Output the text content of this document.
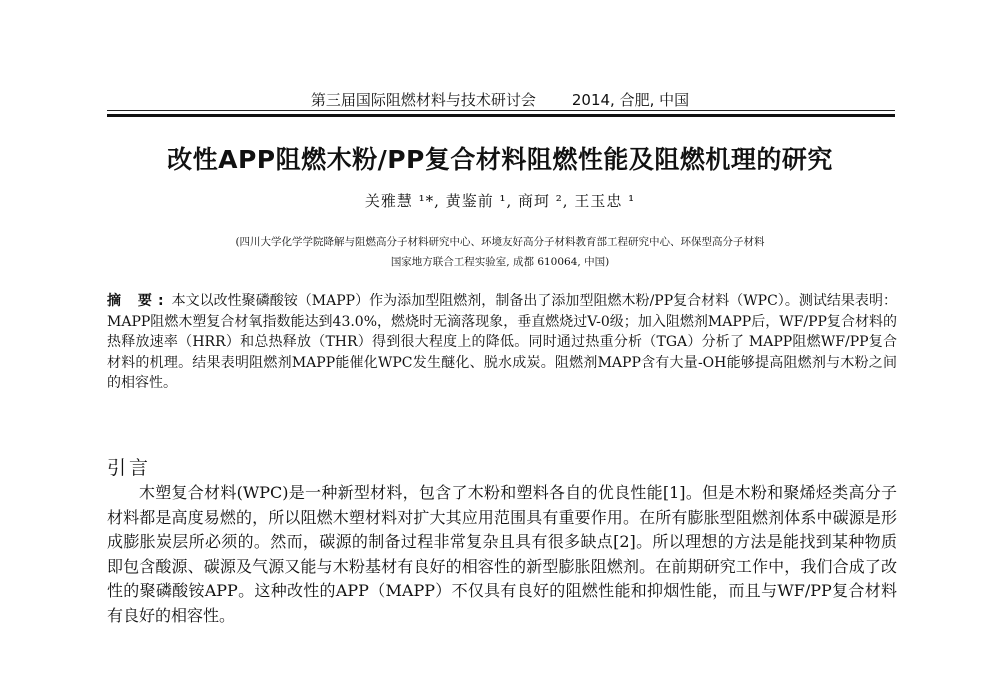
第三届国际阻燃材料与技术研讨会 2014, 合肥, 中国
改性APP阻燃木粉/PP复合材料阻燃性能及阻燃机理的研究
关雅慧 ¹*, 黄鉴前 ¹, 商珂 ², 王玉忠 ¹
(四川大学化学学院降解与阻燃高分子材料研究中心、环境友好高分子材料教育部工程研究中心、环保型高分子材料
国家地方联合工程实验室, 成都 610064, 中国)
摘 要: 本文以改性聚磷酸铵（MAPP）作为添加型阻燃剂，制备出了添加型阻燃木粉/PP复合材料（WPC）。测试结果表明：MAPP阻燃木塑复合材氧指数能达到43.0%，燃烧时无滴落现象，垂直燃烧过V-0级；加入阻燃剂MAPP后，WF/PP复合材料的热释放速率（HRR）和总热释放（THR）得到很大程度上的降低。同时通过热重分析（TGA）分析了 MAPP阻燃WF/PP复合材料的机理。结果表明阻燃剂MAPP能催化WPC发生醚化、脱水成炭。阻燃剂MAPP含有大量-OH能够提高阻燃剂与木粉之间的相容性。
引言
木塑复合材料(WPC)是一种新型材料，包含了木粉和塑料各自的优良性能[1]。但是木粉和聚烯烃类高分子材料都是高度易燃的，所以阻燃木塑材料对扩大其应用范围具有重要作用。在所有膨胀型阻燃剂体系中碳源是形成膨胀炭层所必须的。然而，碳源的制备过程非常复杂且具有很多缺点[2]。所以理想的方法是能找到某种物质即包含酸源、碳源及气源又能与木粉基材有良好的相容性的新型膨胀阻燃剂。在前期研究工作中，我们合成了改性的聚磷酸铵APP。这种改性的APP（MAPP）不仅具有良好的阻燃性能和抑烟性能，而且与WF/PP复合材料有良好的相容性。
